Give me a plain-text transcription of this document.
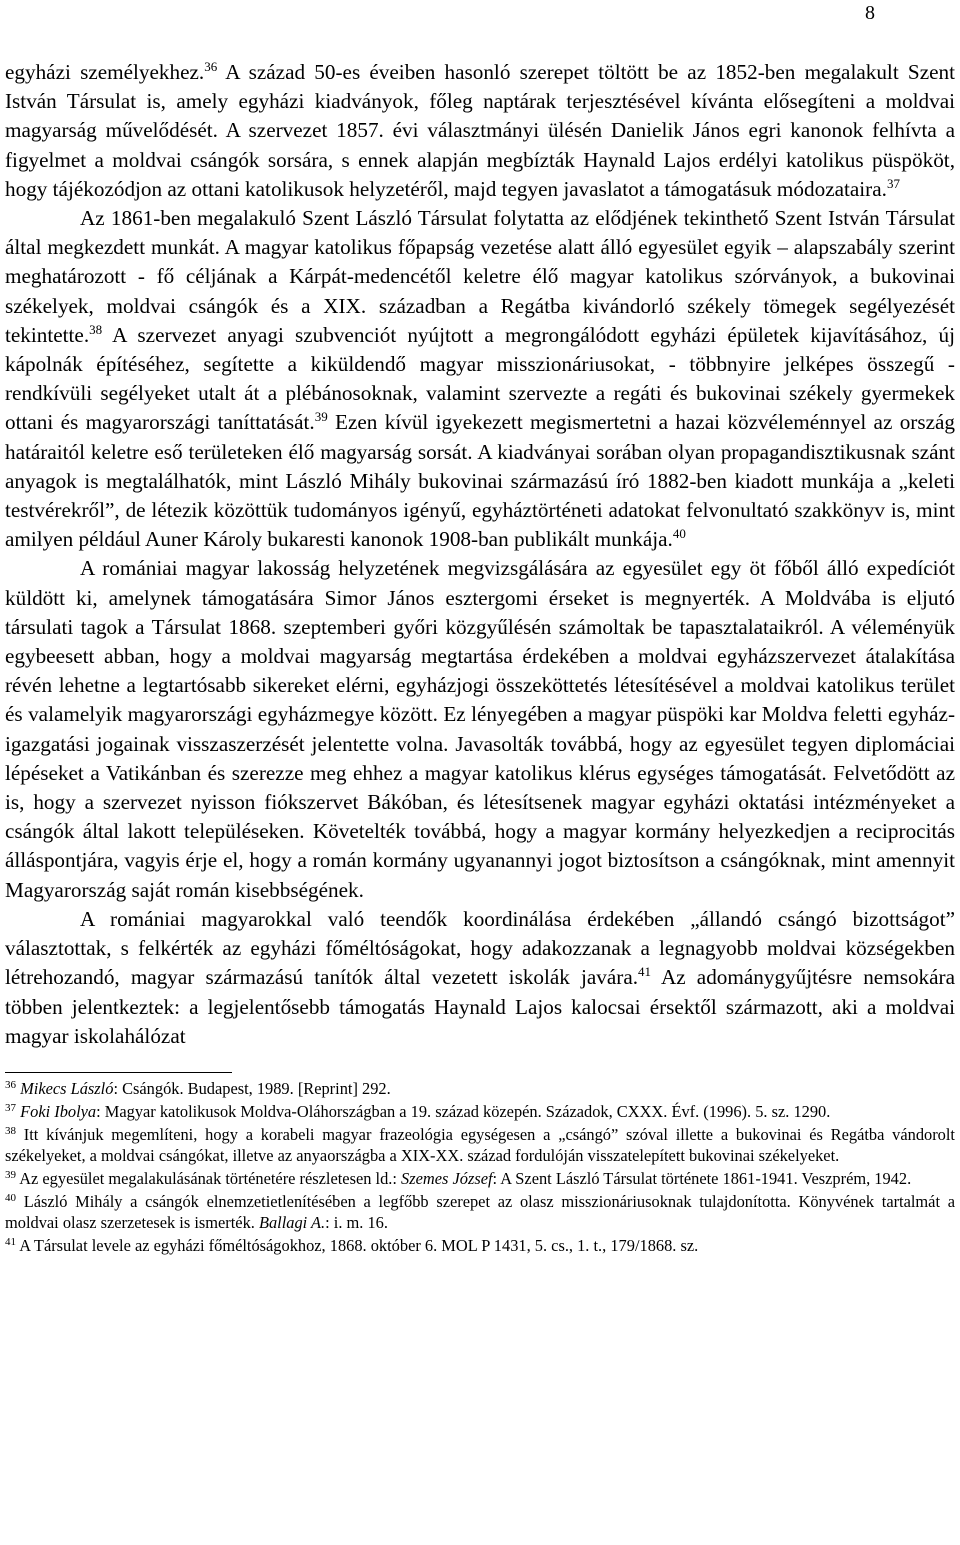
8

egyházi személyekhez.$^{36}$ A század 50-es éveiben hasonló szerepet töltött be az 1852-ben megalakult Szent István Társulat is, amely egyházi kiadványok, főleg naptárak terjesztésével kívánta elősegíteni a moldvai magyarság művelődését. A szervezet 1857. évi választmányi ülésén Danielik János egri kanonok felhívta a figyelmet a moldvai csángók sorsára, s ennek alapján megbízták Haynald Lajos erdélyi katolikus püspököt, hogy tájékozódjon az ottani katolikusok helyzetéről, majd tegyen javaslatot a támogatásuk módozataira.$^{37}$

Az 1861-ben megalakuló Szent László Társulat folytatta az elődjének tekinthető Szent István Társulat által megkezdett munkát. A magyar katolikus főpapság vezetése alatt álló egyesület egyik – alapszabály szerint meghatározott - fő céljának a Kárpát-medencétől keletre élő magyar katolikus szórványok, a bukovinai székelyek, moldvai csángók és a XIX. században a Regátba kivándorló székely tömegek segélyezését tekintette.$^{38}$ A szervezet anyagi szubvenciót nyújtott a megrongálódott egyházi épületek kijavításához, új kápolnák építéséhez, segítette a kiküldendő magyar misszionáriusokat, - többnyire jelképes összegű - rendkívüli segélyeket utalt át a plébánosoknak, valamint szervezte a regáti és bukovinai székely gyermekek ottani és magyarországi taníttatását.$^{39}$ Ezen kívül igyekezett megismertetni a hazai közvéleménnyel az ország határaitól keletre eső területeken élő magyarság sorsát. A kiadványai sorában olyan propagandisztikusnak szánt anyagok is megtalálhatók, mint László Mihály bukovinai származású író 1882-ben kiadott munkája a „keleti testvérekről”, de létezik közöttük tudományos igényű, egyháztörténeti adatokat felvonultató szakkönyv is, mint amilyen például Auner Károly bukaresti kanonok 1908-ban publikált munkája.$^{40}$

A romániai magyar lakosság helyzetének megvizsgálására az egyesület egy öt főből álló expedíciót küldött ki, amelynek támogatására Simor János esztergomi érseket is megnyerték. A Moldvába is eljutó társulati tagok a Társulat 1868. szeptemberi győri közgyűlésén számoltak be tapasztalataikról. A véleményük egybeesett abban, hogy a moldvai magyarság megtartása érdekében a moldvai egyházszervezet átalakítása révén lehetne a legtartósabb sikereket elérni, egyházjogi összeköttetés létesítésével a moldvai katolikus terület és valamelyik magyarországi egyházmegye között. Ez lényegében a magyar püspöki kar Moldva feletti egyház-igazgatási jogainak visszaszerzését jelentette volna. Javasolták továbbá, hogy az egyesület tegyen diplomáciai lépéseket a Vatikánban és szerezze meg ehhez a magyar katolikus klérus egységes támogatását. Felvetődött az is, hogy a szervezet nyisson fiókszervet Bákóban, és létesítsenek magyar egyházi oktatási intézményeket a csángók által lakott településeken. Követelték továbbá, hogy a magyar kormány helyezkedjen a reciprocitás álláspontjára, vagyis érje el, hogy a román kormány ugyanannyi jogot biztosítson a csángóknak, mint amennyit Magyarország saját román kisebbségének.

A romániai magyarokkal való teendők koordinálása érdekében „állandó csángó bizottságot” választottak, s felkérték az egyházi főméltóságokat, hogy adakozzanak a legnagyobb moldvai községekben létrehozandó, magyar származású tanítók által vezetett iskolák javára.$^{41}$ Az adománygyűjtésre nemsokára többen jelentkeztek: a legjelentősebb támogatás Haynald Lajos kalocsai érsektől származott, aki a moldvai magyar iskolahálózat

$^{36}$ Mikecs László: Csángók. Budapest, 1989. [Reprint] 292.

$^{37}$ Foki Ibolya: Magyar katolikusok Moldva-Oláhországban a 19. század közepén. Századok, CXXX. Évf. (1996). 5. sz. 1290.

$^{38}$ Itt kívánjuk megemlíteni, hogy a korabeli magyar frazeológia egységesen a „csángó” szóval illette a bukovinai és Regátba vándorolt székelyeket, a moldvai csángókat, illetve az anyaországba a XIX-XX. század fordulóján visszatelepített bukovinai székelyeket.

$^{39}$ Az egyesület megalakulásának történetére részletesen ld.: Szemes József: A Szent László Társulat története 1861-1941. Veszprém, 1942.

$^{40}$ László Mihály a csángók elnemzetietlenítésében a legfőbb szerepet az olasz misszionáriusoknak tulajdonította. Könyvének tartalmát a moldvai olasz szerzetesek is ismerték. Ballagi A.: i. m. 16.

$^{41}$ A Társulat levele az egyházi főméltóságokhoz, 1868. október 6. MOL P 1431, 5. cs., 1. t., 179/1868. sz.
